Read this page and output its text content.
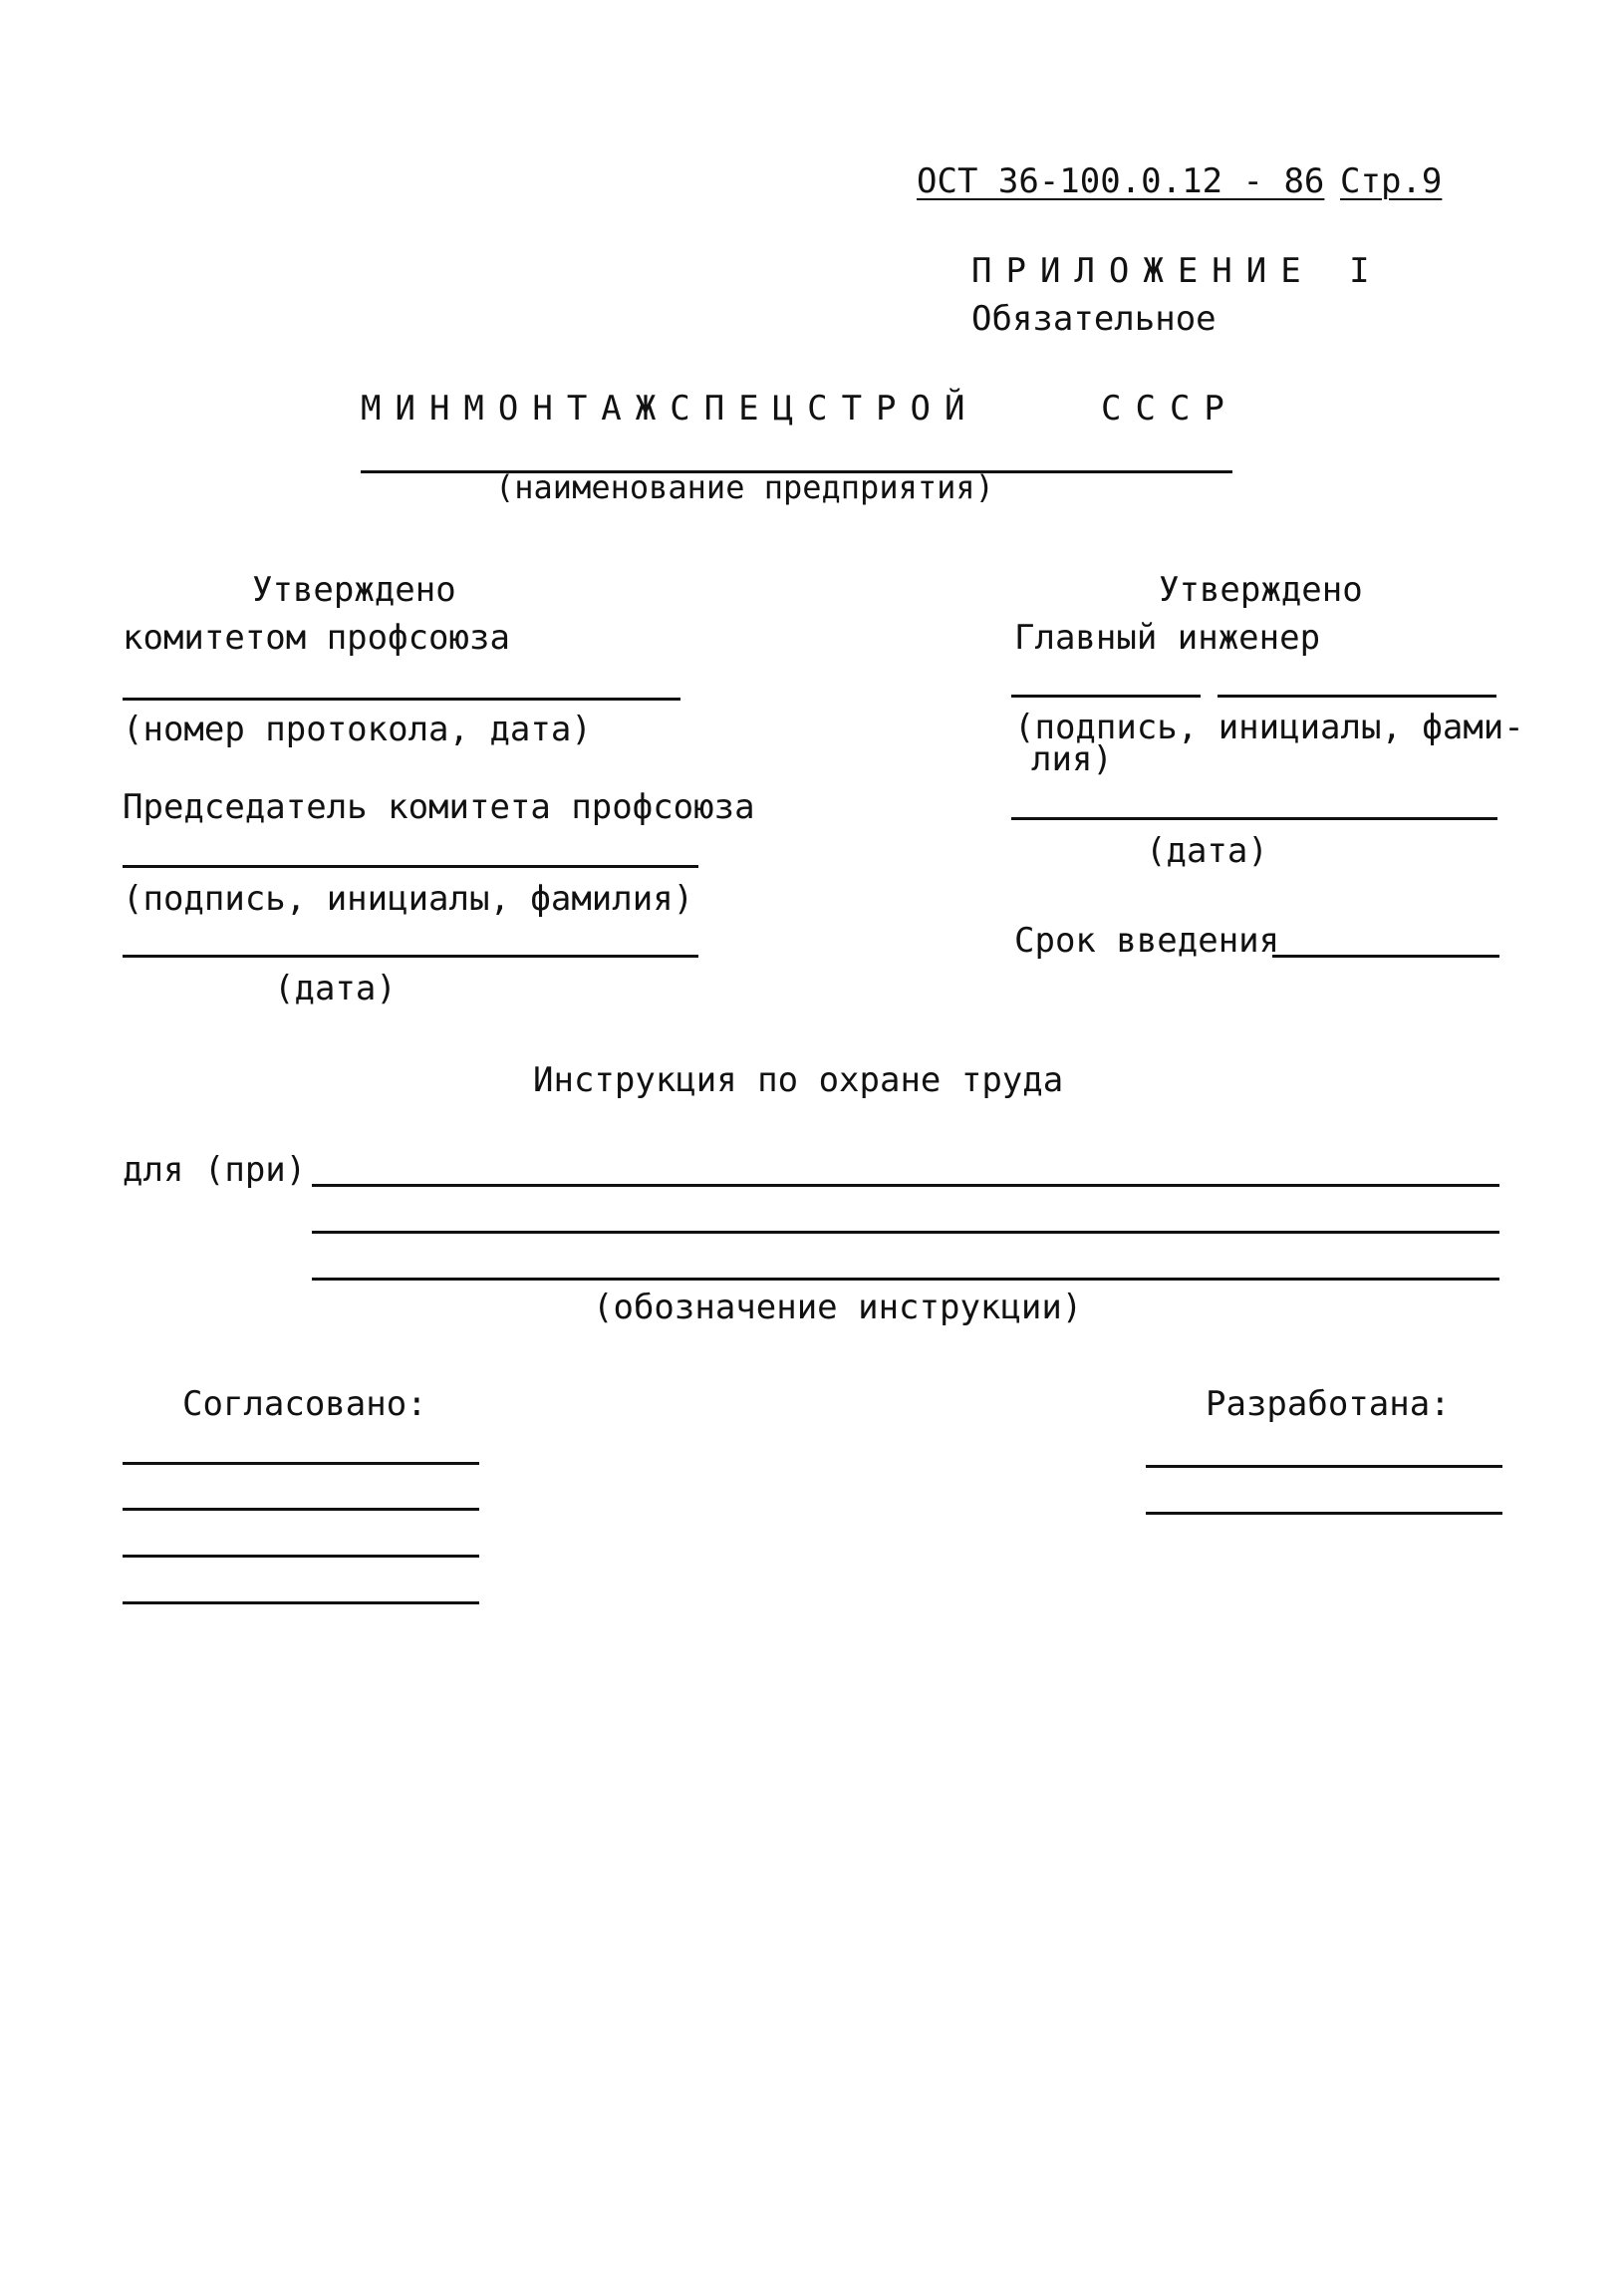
ОСТ 36-100.0.12 - 86 Стр.9
ПРИЛОЖЕНИЕ I
Обязательное
МИНМОНТАЖСПЕЦСТРОЙ	СССР
(наименование предприятия)
Утверждено
комитетом профсоюза
(номер протокола, дата)
Председатель комитета профсоюза
(подпись, инициалы, фамилия)
(дата)
Утверждено
Главный инженер
(подпись, инициалы, фами-
лия)
(дата)
Срок введения
Инструкция по охране труда
для (при)
(обозначение инструкции)
Согласовано:	Разработана:
